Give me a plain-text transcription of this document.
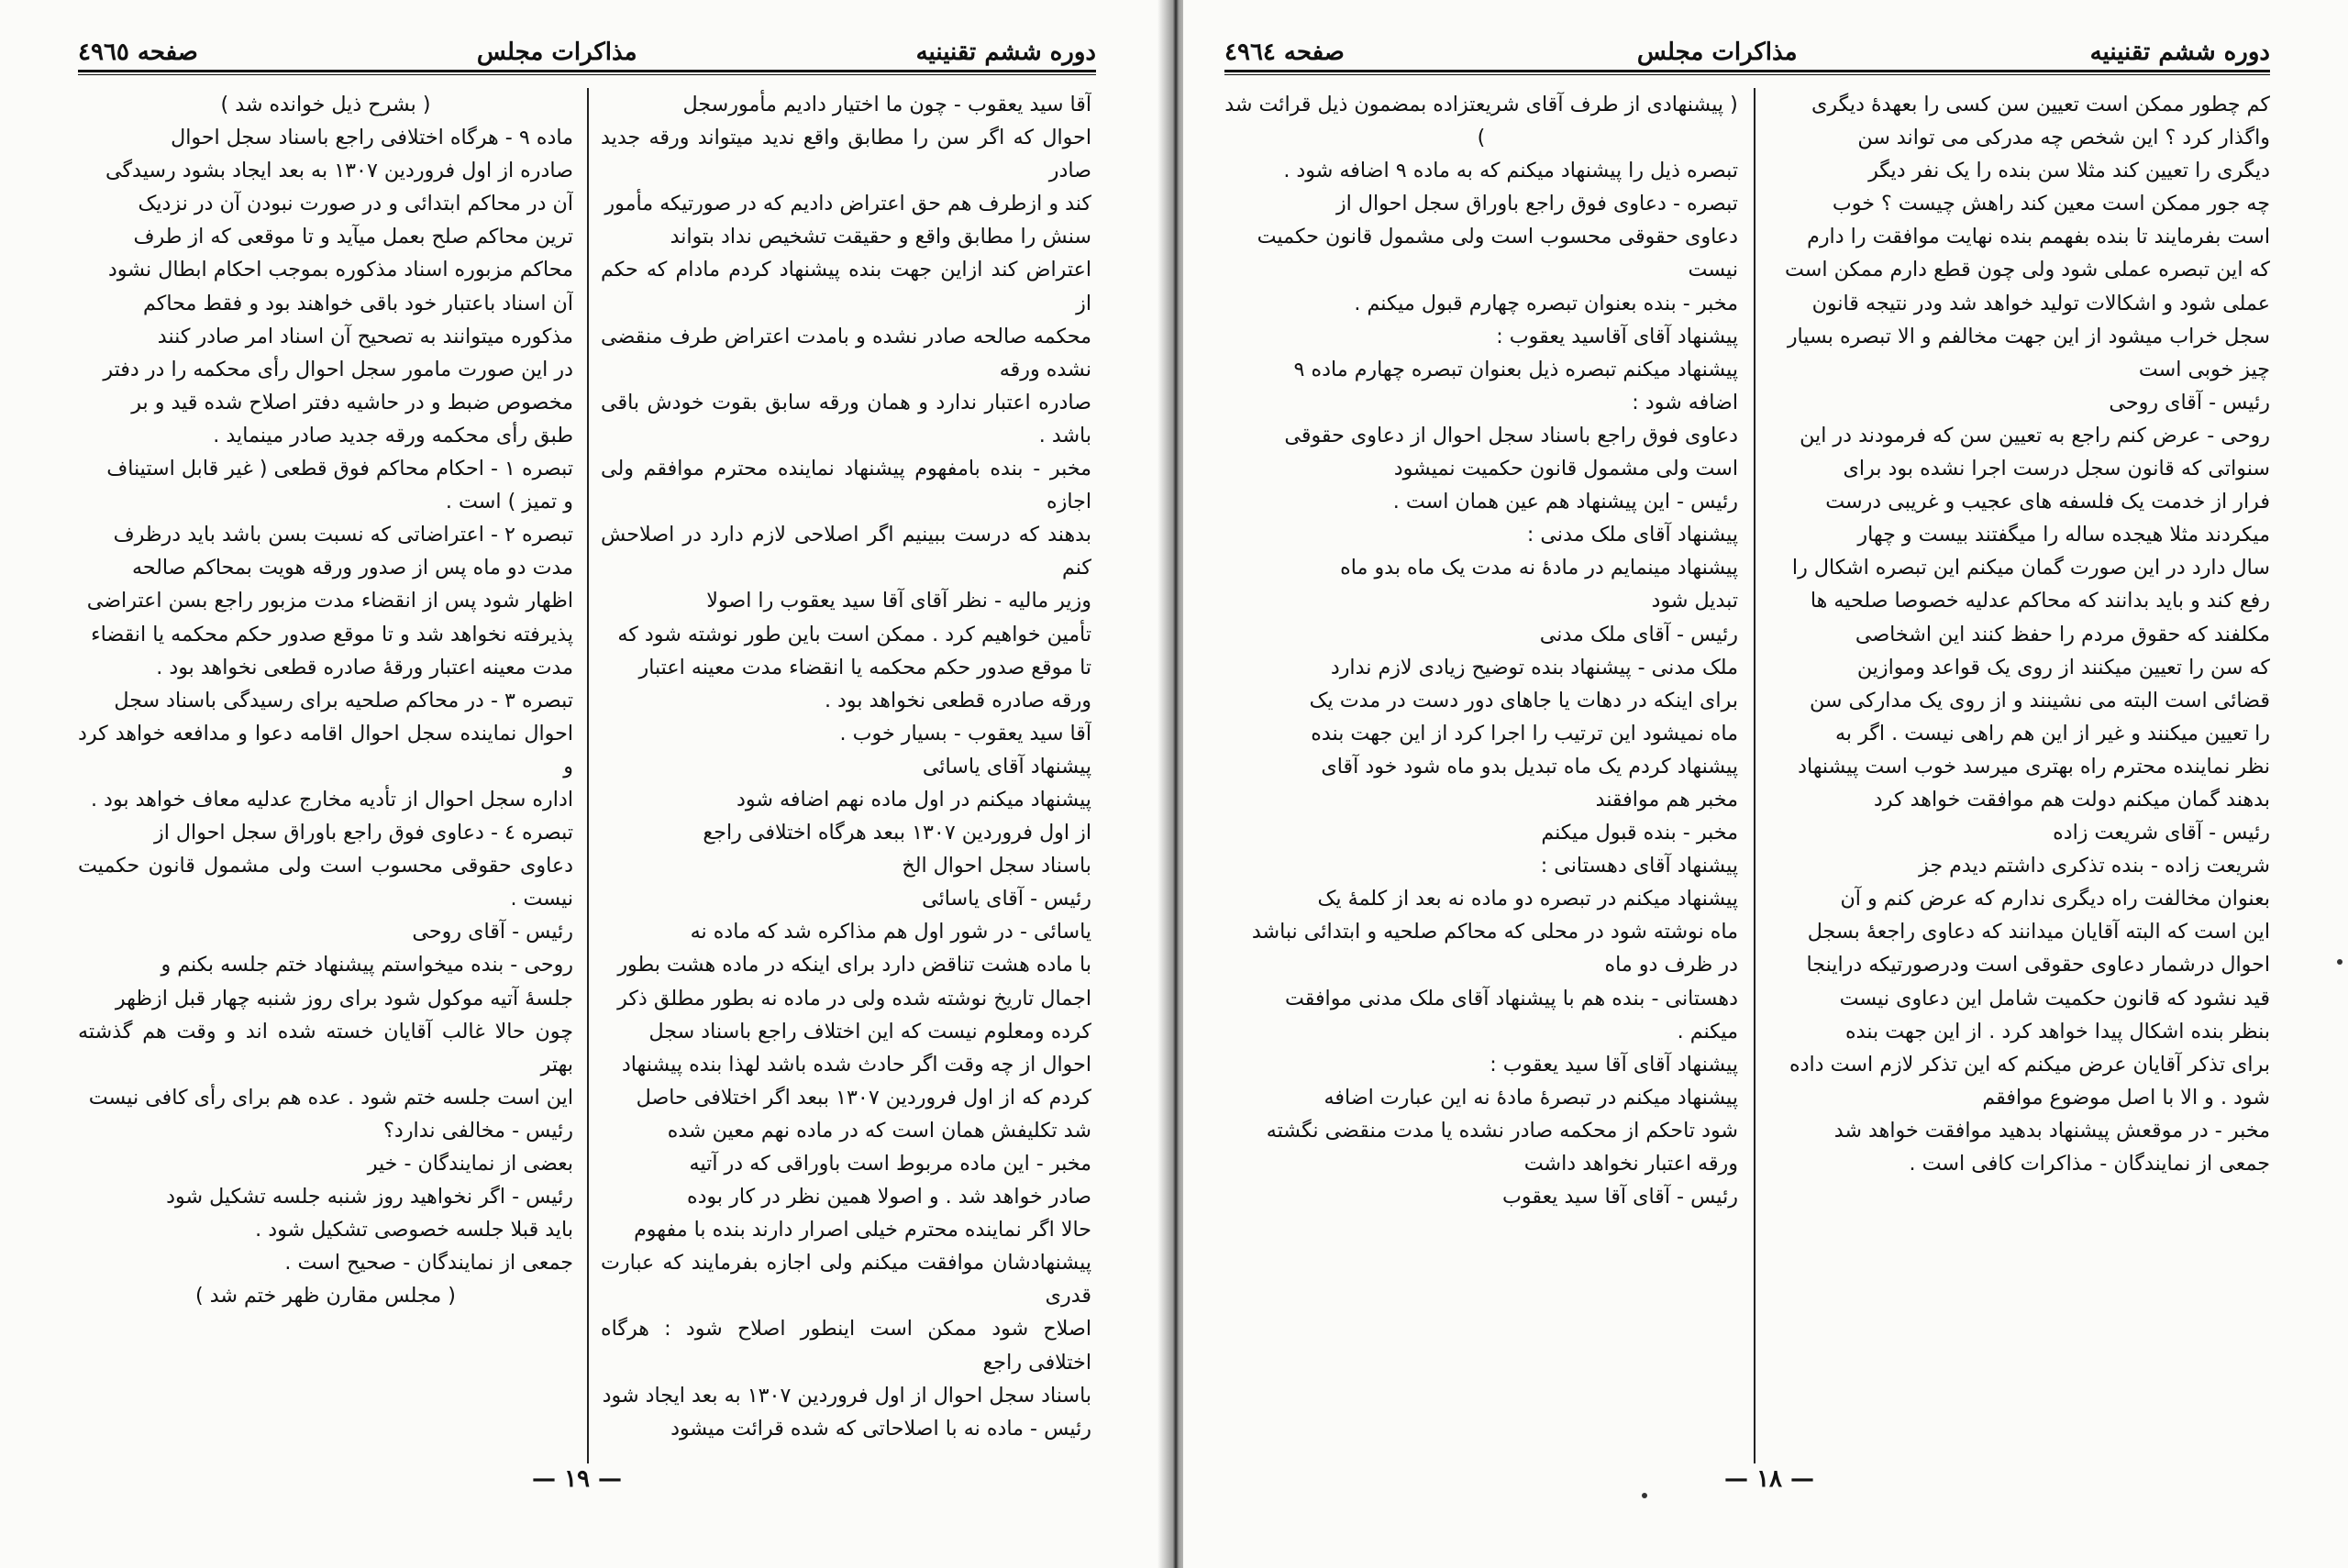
دوره ششم تقنینیه
مذاکرات مجلس
صفحه ٤٩٦٥

آقا سید یعقوب - چون ما اختیار دادیم مأمورسجل

احوال که اگر سن را مطابق واقع ندید میتواند ورقه جدید صادر

کند و ازطرف هم حق اعتراض دادیم که در صورتیکه مأمور

سنش را مطابق واقع و حقیقت تشخیص نداد بتواند

اعتراض کند ازاین جهت بنده پیشنهاد کردم مادام که حکم از

محکمه صالحه صادر نشده و بامدت اعتراض طرف منقضی نشده ورقه

صادره اعتبار ندارد و همان ورقه سابق بقوت خودش باقی باشد .

مخبر - بنده بامفهوم پیشنهاد نماینده محترم موافقم ولی اجازه

بدهند که درست ببینیم اگر اصلاحی لازم دارد در اصلاحش کنم

وزیر مالیه - نظر آقای آقا سید یعقوب را اصولا

تأمین خواهیم کرد . ممکن است باین طور نوشته شود که

تا موقع صدور حکم محکمه یا انقضاء مدت معینه اعتبار

ورقه صادره قطعی نخواهد بود .

آقا سید یعقوب - بسیار خوب .

پیشنهاد آقای یاسائی

پیشنهاد میکنم در اول ماده نهم اضافه شود

از اول فروردین ۱۳۰۷ ببعد هرگاه اختلافی راجع

باسناد سجل احوال الخ

رئیس - آقای یاسائی

یاسائی - در شور اول هم مذاکره شد که ماده نه

با ماده هشت تناقض دارد برای اینکه در ماده هشت بطور

اجمال تاریخ نوشته شده ولی در ماده نه بطور مطلق ذکر

کرده ومعلوم نیست که این اختلاف راجع باسناد سجل

احوال از چه وقت اگر حادث شده باشد لهذا بنده پیشنهاد

کردم که از اول فروردین ۱۳۰۷ ببعد اگر اختلافی حاصل

شد تکلیفش همان است که در ماده نهم معین شده

مخبر - این ماده مربوط است باوراقی که در آتیه

صادر خواهد شد . و اصولا همین نظر در کار بوده

حالا اگر نماینده محترم خیلی اصرار دارند بنده با مفهوم

پیشنهادشان موافقت میکنم ولی اجازه بفرمایند که عبارت قدری

اصلاح شود ممکن است اینطور اصلاح شود : هرگاه اختلافی راجع

باسناد سجل احوال از اول فروردین ۱۳۰۷ به بعد ایجاد شود

رئیس - ماده نه با اصلاحاتی که شده قرائت میشود

( بشرح ذیل خوانده شد )

ماده ۹ - هرگاه اختلافی راجع باسناد سجل احوال

صادره از اول فروردین ۱۳۰۷ به بعد ایجاد بشود رسیدگی

آن در محاکم ابتدائی و در صورت نبودن آن در نزدیک

ترین محاکم صلح بعمل میآید و تا موقعی که از طرف

محاکم مزبوره اسناد مذکوره بموجب احکام ابطال نشود

آن اسناد باعتبار خود باقی خواهند بود و فقط محاکم

مذکوره میتوانند به تصحیح آن اسناد امر صادر کنند

در این صورت مامور سجل احوال رأی محکمه را در دفتر

مخصوص ضبط و در حاشیه دفتر اصلاح شده قید و بر

طبق رأی محکمه ورقه جدید صادر مینماید .

تبصره ۱ - احکام محاکم فوق قطعی ( غیر قابل استیناف

و تمیز ) است .

تبصره ۲ - اعتراضاتی که نسبت بسن باشد باید درظرف

مدت دو ماه پس از صدور ورقه هویت بمحاکم صالحه

اظهار شود پس از انقضاء مدت مزبور راجع بسن اعتراضی

پذیرفته نخواهد شد و تا موقع صدور حکم محکمه یا انقضاء

مدت معینه اعتبار ورقهٔ صادره قطعی نخواهد بود .

تبصره ۳ - در محاکم صلحیه برای رسیدگی باسناد سجل

احوال نماینده سجل احوال اقامه دعوا و مدافعه خواهد کرد و

اداره سجل احوال از تأدیه مخارج عدلیه معاف خواهد بود .

تبصره ٤ - دعاوی فوق راجع باوراق سجل احوال از

دعاوی حقوقی محسوب است ولی مشمول قانون حکمیت نیست .

رئیس - آقای روحی

روحی - بنده میخواستم پیشنهاد ختم جلسه بکنم و

جلسهٔ آتیه موکول شود برای روز شنبه چهار قبل ازظهر

چون حالا غالب آقایان خسته شده اند و وقت هم گذشته بهتر

این است جلسه ختم شود . عده هم برای رأی کافی نیست

رئیس - مخالفی ندارد؟

بعضی از نمایندگان - خیر

رئیس - اگر نخواهید روز شنبه جلسه تشکیل شود

باید قبلا جلسه خصوصی تشکیل شود .

جمعی از نمایندگان - صحیح است .

( مجلس مقارن ظهر ختم شد )

— ۱۹ —
دوره ششم تقنینیه
مذاکرات مجلس
صفحه ٤٩٦٤

کم چطور ممکن است تعیین سن کسی را بعهدهٔ دیگری

واگذار کرد ؟ این شخص چه مدرکی می تواند سن

دیگری را تعیین کند مثلا سن بنده را یک نفر دیگر

چه جور ممکن است معین کند راهش چیست ؟ خوب

است بفرمایند تا بنده بفهمم بنده نهایت موافقت را دارم

که این تبصره عملی شود ولی چون قطع دارم ممکن است

عملی شود و اشکالات تولید خواهد شد ودر نتیجه قانون

سجل خراب میشود از این جهت مخالفم و الا تبصره بسیار

چیز خوبی است

رئیس - آقای روحی

روحی - عرض کنم راجع به تعیین سن که فرمودند در این

سنواتی که قانون سجل درست اجرا نشده بود برای

فرار از خدمت یک فلسفه های عجیب و غریبی درست

میکردند مثلا هیجده ساله را میگفتند بیست و چهار

سال دارد در این صورت گمان میکنم این تبصره اشکال را

رفع کند و باید بدانند که محاکم عدلیه خصوصا صلحیه ها

مکلفند که حقوق مردم را حفظ کنند این اشخاصی

که سن را تعیین میکنند از روی یک قواعد وموازین

قضائی است البته می نشینند و از روی یک مدارکی سن

را تعیین میکنند و غیر از این هم راهی نیست . اگر به

نظر نماینده محترم راه بهتری میرسد خوب است پیشنهاد

بدهند گمان میکنم دولت هم موافقت خواهد کرد

رئیس - آقای شریعت زاده

شریعت زاده - بنده تذکری داشتم دیدم جز

بعنوان مخالفت راه دیگری ندارم که عرض کنم و آن

این است که البته آقایان میدانند که دعاوی راجعهٔ بسجل

احوال درشمار دعاوی حقوقی است ودرصورتیکه دراینجا

قید نشود که قانون حکمیت شامل این دعاوی نیست

بنظر بنده اشکال پیدا خواهد کرد . از این جهت بنده

برای تذکر آقایان عرض میکنم که این تذکر لازم است داده

شود . و الا با اصل موضوع موافقم

مخبر - در موقعش پیشنهاد بدهید موافقت خواهد شد

جمعی از نمایندگان - مذاکرات کافی است .

( پیشنهادی از طرف آقای شریعتزاده بمضمون ذیل قرائت شد )

تبصره ذیل را پیشنهاد میکنم که به ماده ۹ اضافه شود .

تبصره - دعاوی فوق راجع باوراق سجل احوال از

دعاوی حقوقی محسوب است ولی مشمول قانون حکمیت

نیست

مخبر - بنده بعنوان تبصره چهارم قبول میکنم .

پیشنهاد آقای آقاسید یعقوب :

پیشنهاد میکنم تبصره ذیل بعنوان تبصره چهارم ماده ۹

اضافه شود :

دعاوی فوق راجع باسناد سجل احوال از دعاوی حقوقی

است ولی مشمول قانون حکمیت نمیشود

رئیس - این پیشنهاد هم عین همان است .

پیشنهاد آقای ملک مدنی :

پیشنهاد مینمایم در مادهٔ نه مدت یک ماه بدو ماه

تبدیل شود

رئیس - آقای ملک مدنی

ملک مدنی - پیشنهاد بنده توضیح زیادی لازم ندارد

برای اینکه در دهات یا جاهای دور دست در مدت یک

ماه نمیشود این ترتیب را اجرا کرد از این جهت بنده

پیشنهاد کردم یک ماه تبدیل بدو ماه شود خود آقای

مخبر هم موافقند

مخبر - بنده قبول میکنم

پیشنهاد آقای دهستانی :

پیشنهاد میکنم در تبصره دو ماده نه بعد از کلمهٔ یک

ماه نوشته شود در محلی که محاکم صلحیه و ابتدائی نباشد

در ظرف دو ماه

دهستانی - بنده هم با پیشنهاد آقای ملک مدنی موافقت

میکنم .

پیشنهاد آقای آقا سید یعقوب :

پیشنهاد میکنم در تبصرهٔ مادهٔ نه این عبارت اضافه

شود تاحکم از محکمه صادر نشده یا مدت منقضی نگشته

ورقه اعتبار نخواهد داشت

رئیس - آقای آقا سید یعقوب

— ۱۸ —
